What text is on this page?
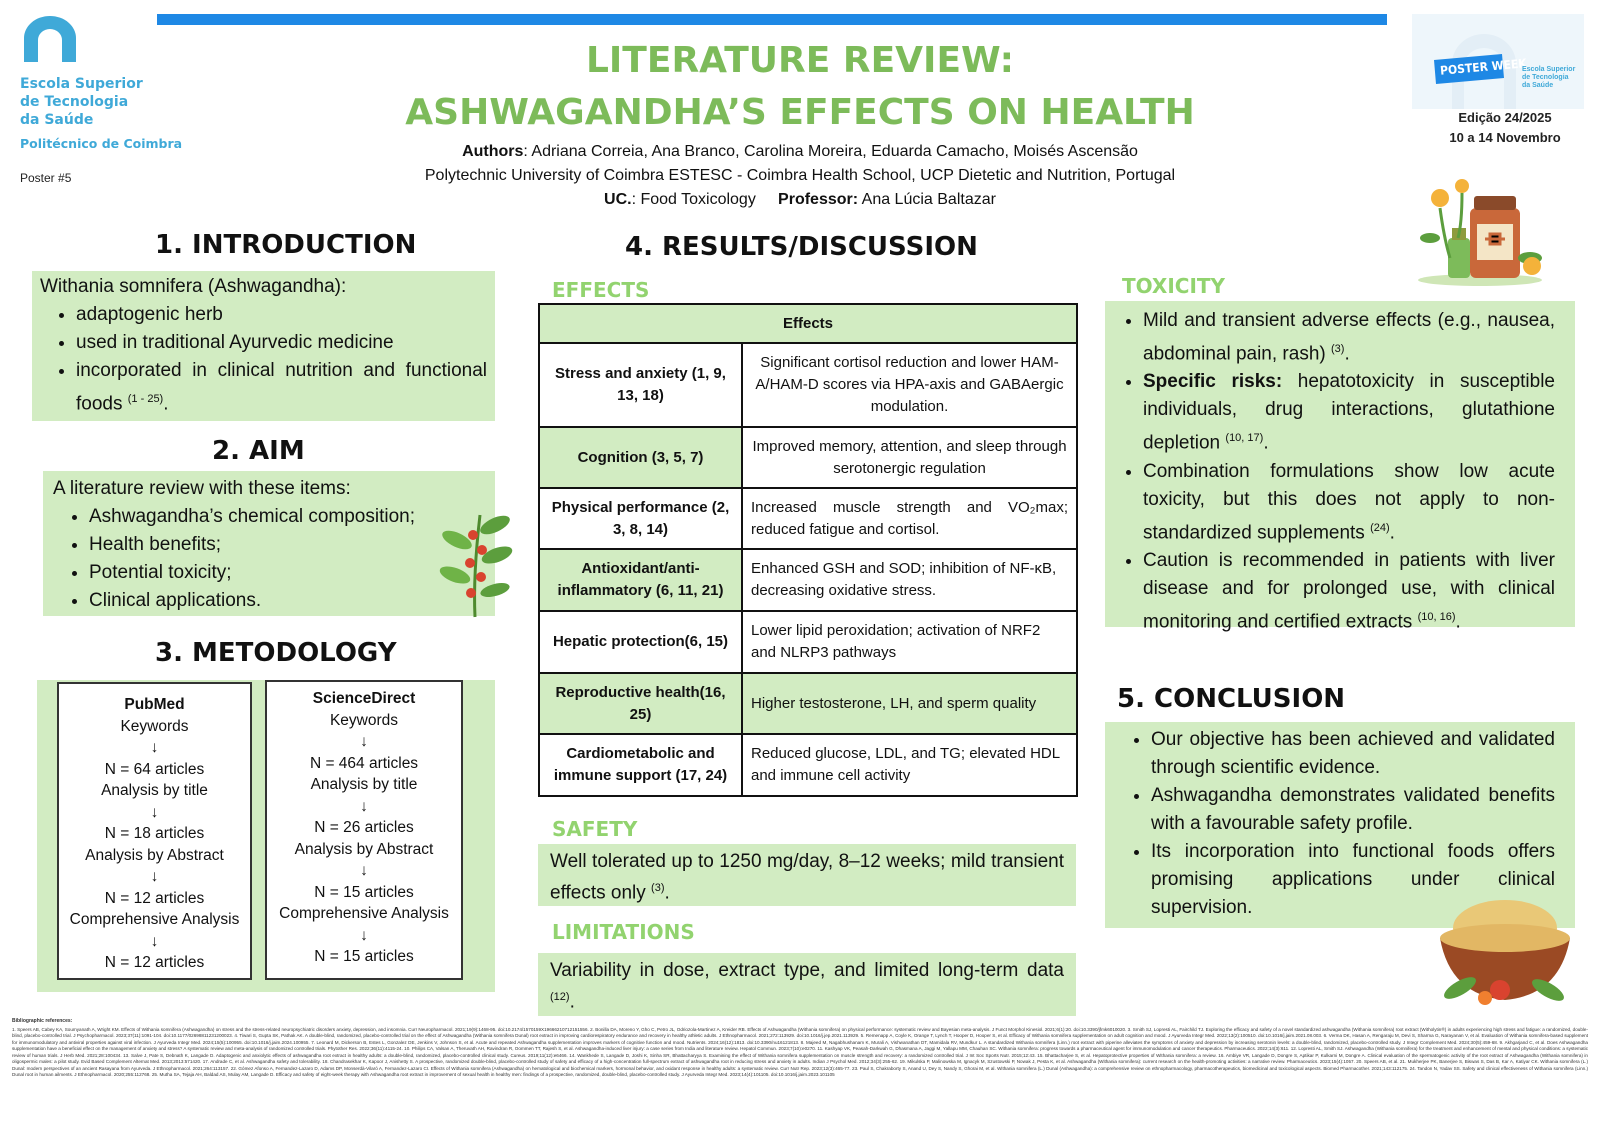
Escola Superior
de Tecnologia
da Saúde
Politécnico de Coimbra
Poster #5
LITERATURE REVIEW:
ASHWAGANDHA’S EFFECTS ON HEALTH
Authors: Adriana Correia, Ana Branco, Carolina Moreira, Eduarda Camacho, Moisés Ascensão
Polytechnic University of Coimbra ESTESC - Coimbra Health School, UCP Dietetic and Nutrition, Portugal
UC.: Food Toxicology Professor: Ana Lúcia Baltazar
POSTER WEEK
Escola Superior
de Tecnologia
da Saúde
Edição 24/2025
10 a 14 Novembro
1. INTRODUCTION
Withania somnifera (Ashwagandha):
• adaptogenic herb
• used in traditional Ayurvedic medicine
• incorporated in clinical nutrition and functional foods $^{(1 - 25)}$.
2. AIM
A literature review with these items:
• Ashwagandha’s chemical composition;
• Health benefits;
• Potential toxicity;
• Clinical applications.
3. METODOLOGY
PubMed
Keywords
↓
N = 64 articles
Analysis by title
↓
N = 18 articles
Analysis by Abstract
↓
N = 12 articles
Comprehensive Analysis
↓
N = 12 articles
ScienceDirect
Keywords
↓
N = 464 articles
Analysis by title
↓
N = 26 articles
Analysis by Abstract
↓
N = 15 articles
Comprehensive Analysis
↓
N = 15 articles
4. RESULTS/DISCUSSION
EFFECTS
Effects	
Stress and anxiety (1, 9, 13, 18)	Significant cortisol reduction and lower HAM-A/HAM-D scores via HPA-axis and GABAergic modulation.
Cognition (3, 5, 7)	Improved memory, attention, and sleep through serotonergic regulation
Physical performance (2, 3, 8, 14)	Increased muscle strength and VO₂max; reduced fatigue and cortisol.
Antioxidant/anti-inflammatory (6, 11, 21)	Enhanced GSH and SOD; inhibition of NF-κB, decreasing oxidative stress.
Hepatic protection(6, 15)	Lower lipid peroxidation; activation of NRF2 and NLRP3 pathways
Reproductive health(16, 25)	Higher testosterone, LH, and sperm quality
Cardiometabolic and immune support (17, 24)	Reduced glucose, LDL, and TG; elevated HDL and immune cell activity
SAFETY
Well tolerated up to 1250 mg/day, 8–12 weeks; mild transient effects only $^{(3)}$.
LIMITATIONS
Variability in dose, extract type, and limited long-term data $^{(12)}$.
TOXICITY
• Mild and transient adverse effects (e.g., nausea, abdominal pain, rash) $^{(3)}$.
• Specific risks: hepatotoxicity in susceptible individuals, drug interactions, glutathione depletion $^{(10, 17)}$.
• Combination formulations show low acute toxicity, but this does not apply to non-standardized supplements $^{(24)}$.
• Caution is recommended in patients with liver disease and for prolonged use, with clinical monitoring and certified extracts $^{(10, 16)}$.
5. CONCLUSION
• Our objective has been achieved and validated through scientific evidence.
• Ashwagandha demonstrates validated benefits with a favourable safety profile.
• Its incorporation into functional foods offers promising applications under clinical supervision.
Bibliographic references:
1. Speers AB, Cabey KA, Soumyanath A, Wright KM. Effects of Withania somnifera (Ashwagandha) on stress and the stress-related neuropsychiatric disorders anxiety, depression, and insomnia. Curr Neuropharmacol. 2021;19(9):1468-95. doi:10.2174/1570159X19666210712151556. 2. Bonilla DA, Moreno Y, Gho C, Petro JL, Odriozola-Martinez A, Kreider RB. Effects of Ashwagandha (Withania somnifera) on physical performance: systematic review and Bayesian meta-analysis. J Funct Morphol Kinesiol. 2021;6(1):20. doi:10.3390/jfmk6010020. 3. Smith SJ, Lopresti AL, Fairchild TJ. Exploring the efficacy and safety of a novel standardized ashwagandha (Withania somnifera) root extract (Witholytin®) in adults experiencing high stress and fatigue: a randomized, double-blind, placebo-controlled trial. J Psychopharmacol. 2023;37(11):1091-104. doi:10.1177/02698811231200023. 4. Tiwari S, Gupta SK, Pathak AK. A double-blind, randomized, placebo-controlled trial on the effect of Ashwagandha (Withania somnifera Dunal) root extract in improving cardiorespiratory endurance and recovery in healthy athletic adults. J Ethnopharmacol. 2021;272:113929. doi:10.1016/j.jep.2021.113929. 5. Remenapp A, Coyle K, Orange T, Lynch T, Hooper D, Hooper S, et al. Efficacy of Withania somnifera supplementation on adult cognition and mood. J Ayurveda Integr Med. 2022;13(2):100510. doi:10.1016/j.jaim.2021.08.003. 6. Verma DK, Hasan A, Rengaraju M, Devi S, Sharma G, Narayanan V, et al. Evaluation of Withania somnifera-based supplement for immunomodulatory and antiviral properties against viral infection. J Ayurveda Integr Med. 2024;15(5):100955. doi:10.1016/j.jaim.2024.100955. 7. Leonard M, Dickerson B, Estes L, Gonzalez DE, Jenkins V, Johnson S, et al. Acute and repeated Ashwagandha supplementation improves markers of cognitive function and mood. Nutrients. 2024;16(12):1813. doi:10.3390/nu16121813. 8. Majeed M, Nagabhushanam K, Murali A, Vishwanathan DT, Mamidala RV, Mundkur L. A standardized Withania somnifera (Linn.) root extract with piperine alleviates the symptoms of anxiety and depression by increasing serotonin levels: a double-blind, randomized, placebo-controlled study. J Integr Complement Med. 2024;30(5):459-68. 9. Akhgarjand C, et al. Does Ashwagandha supplementation have a beneficial effect on the management of anxiety and stress? A systematic review and meta-analysis of randomized controlled trials. Phytother Res. 2022;36(11):4115-24. 10. Philips CA, Valsan A, Theruvath AH, Ravindran R, Oommen TT, Rajesh S, et al. Ashwagandha-induced liver injury: a case series from India and literature review. Hepatol Commun. 2023;7(10):e0270. 11. Kashyap VK, Peasah-Darkwah G, Dhasmana A, Jaggi M, Yallapu MM, Chauhan SC. Withania somnifera: progress towards a pharmaceutical agent for immunomodulation and cancer therapeutics. Pharmaceutics. 2022;14(3):611. 12. Lopresti AL, Smith SJ. Ashwagandha (Withania somnifera) for the treatment and enhancement of mental and physical conditions: a systematic review of human trials. J Herb Med. 2021;28:100434. 13. Salve J, Pate S, Debnath K, Langade D. Adaptogenic and anxiolytic effects of ashwagandha root extract in healthy adults: a double-blind, randomized, placebo-controlled clinical study. Cureus. 2019;11(12):e6466. 14. Wankhede S, Langade D, Joshi K, Sinha SR, Bhattacharyya S. Examining the effect of Withania somnifera supplementation on muscle strength and recovery: a randomized controlled trial. J Int Soc Sports Nutr. 2015;12:43. 15. Bhattacharjee S, et al. Hepatoprotective properties of Withania somnifera: a review. 16. Ambiye VR, Langade D, Dongre S, Aptikar P, Kulkarni M, Dongre A. Clinical evaluation of the spermatogenic activity of the root extract of Ashwagandha (Withania somnifera) in oligospermic males: a pilot study. Evid Based Complement Alternat Med. 2013;2013:571420. 17. Andrade C, et al. Ashwagandha safety and tolerability. 18. Chandrasekhar K, Kapoor J, Anishetty S. A prospective, randomized double-blind, placebo-controlled study of safety and efficacy of a high-concentration full-spectrum extract of ashwagandha root in reducing stress and anxiety in adults. Indian J Psychol Med. 2012;34(3):255-62. 19. Mikulska P, Malinowska M, Ignacyk M, Szustowski P, Nowak J, Pesta K, et al. Ashwagandha (Withania somnifera): current research on the health-promoting activities: a narrative review. Pharmaceutics. 2023;15(4):1057. 20. Speers AB, et al. 21. Mukherjee PK, Banerjee S, Biswas S, Das B, Kar A, Katiyar CK. Withania somnifera (L.) Dunal: modern perspectives of an ancient Rasayana from Ayurveda. J Ethnopharmacol. 2021;264:113157. 22. Gómez Afonso A, Fernandez-Lazaro D, Adams DP, Monserdà-Vilaró A, Fernandez-Lazaro CI. Effects of Withania somnifera (Ashwagandha) on hematological and biochemical markers, hormonal behavior, and oxidant response in healthy adults: a systematic review. Curr Nutr Rep. 2023;12(3):465-77. 23. Paul S, Chakraborty S, Anand U, Dey S, Nandy S, Ghorai M, et al. Withania somnifera (L.) Dunal (Ashwagandha): a comprehensive review on ethnopharmacology, pharmacotherapeutics, biomedicinal and toxicological aspects. Biomed Pharmacother. 2021;143:112175. 24. Tandon N, Yadav SS. Safety and clinical effectiveness of Withania somnifera (Linn.) Dunal root in human ailments. J Ethnopharmacol. 2020;255:112768. 25. Mutha SA, Tejaja AH, Baldad AS, Mulay AM, Langade D. Efficacy and safety of eight-week therapy with Ashwagandha root extract in improvement of sexual health in healthy men: findings of a prospective, randomized, double-blind, placebo-controlled study. J Ayurveda Integr Med. 2023;14(4):101105. doi:10.1016/j.jaim.2023.101105
